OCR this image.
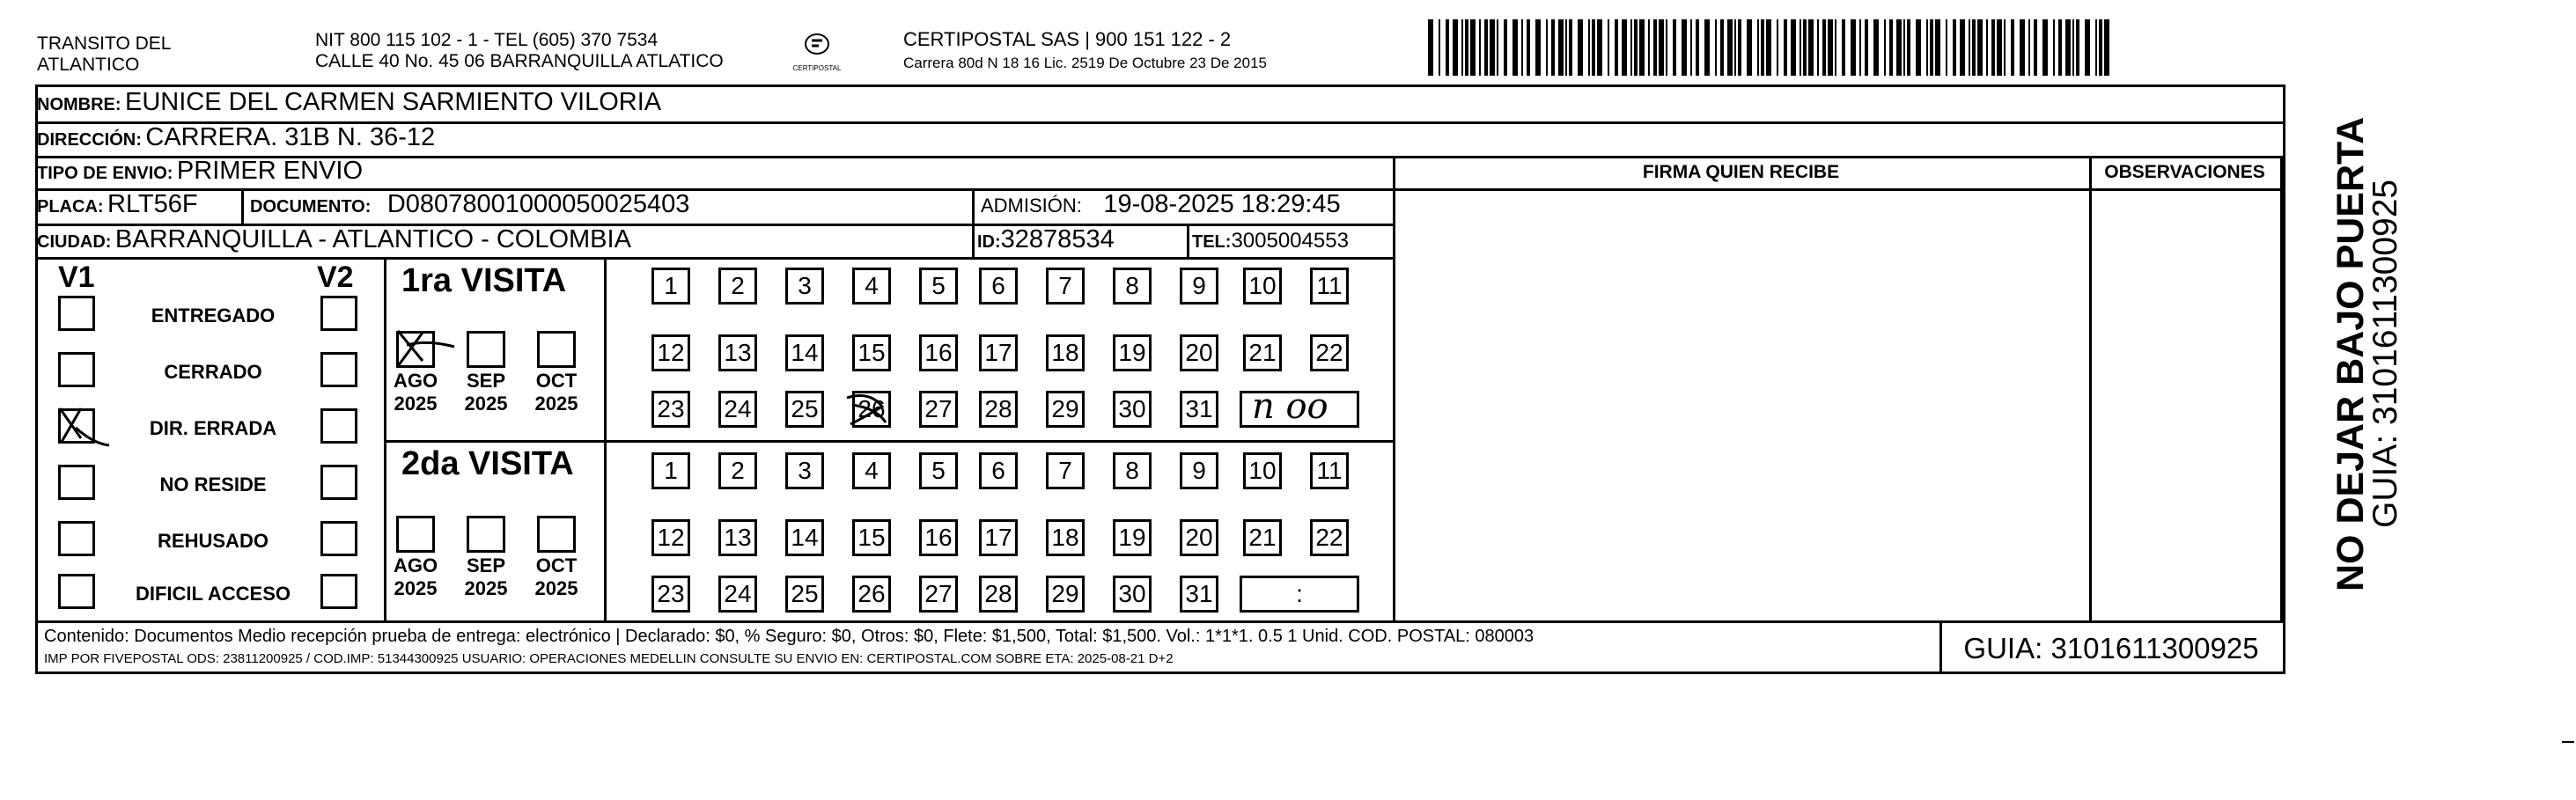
TRANSITO DEL
ATLANTICO
NIT 800 115 102 - 1 - TEL (605) 370 7534
CALLE 40 No. 45 06 BARRANQUILLA ATLATICO	CERTIPOSTAL
CERTIPOSTAL SAS | 900 151 122 - 2
Carrera 80d N 18 16 Lic. 2519 De Octubre 23 De 2015
NOMBRE: EUNICE DEL CARMEN SARMIENTO VILORIA
DIRECCIÓN: CARRERA. 31B N. 36-12
TIPO DE ENVIO: PRIMER ENVIO	FIRMA QUIEN RECIBE	OBSERVACIONES
PLACA: RLT56F	DOCUMENTO: D08078001000050025403	ADMISIÓN: 19-08-2025 18:29:45
CIUDAD: BARRANQUILLA - ATLANTICO - COLOMBIA	ID:32878534	TEL:3005004553
V1	V2
ENTREGADO
CERRADO
DIR. ERRADA
NO RESIDE
REHUSADO
DIFICIL ACCESO
1ra VISITA
2da VISITA
1	2	3	4	5	6	7	8	9	10 11
12 13 14 15 16 17 18 19 20 21 22
23 24 25 26 27 28 29 30 31
AGO
2025
SEP
2025
OCT
2025
1	2	3	4	5	6	7	8	9	10 11
12 13 14 15 16 17 18 19 20 21 22
23 24 25 26 27 28 29 30 31	:
AGO
2025
SEP
2025
OCT
2025
n oo
Contenido: Documentos Medio recepción prueba de entrega: electrónico | Declarado: $0, % Seguro: $0, Otros: $0, Flete: $1,500, Total: $1,500. Vol.: 1*1*1. 0.5 1 Unid. COD. POSTAL: 080003
IMP POR FIVEPOSTAL ODS: 23811200925 / COD.IMP: 51344300925 USUARIO: OPERACIONES MEDELLIN CONSULTE SU ENVIO EN: CERTIPOSTAL.COM SOBRE ETA: 2025-08-21 D+2	GUIA: 3101611300925
NO DEJAR BAJO PUERTA
GUIA: 3101611300925
